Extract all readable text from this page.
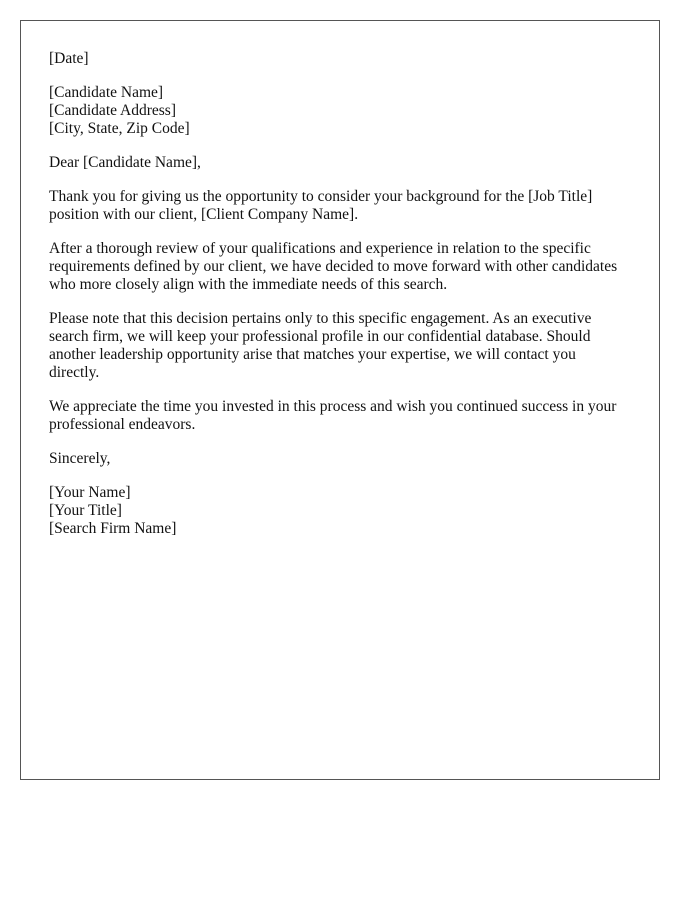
[Date]
[Candidate Name]
[Candidate Address]
[City, State, Zip Code]
Dear [Candidate Name],

Thank you for giving us the opportunity to consider your background for the [Job Title] position with our client, [Client Company Name].

After a thorough review of your qualifications and experience in relation to the specific requirements defined by our client, we have decided to move forward with other candidates who more closely align with the immediate needs of this search.

Please note that this decision pertains only to this specific engagement. As an executive search firm, we will keep your professional profile in our confidential database. Should another leadership opportunity arise that matches your expertise, we will contact you directly.

We appreciate the time you invested in this process and wish you continued success in your professional endeavors.

Sincerely,
[Your Name]
[Your Title]
[Search Firm Name]
